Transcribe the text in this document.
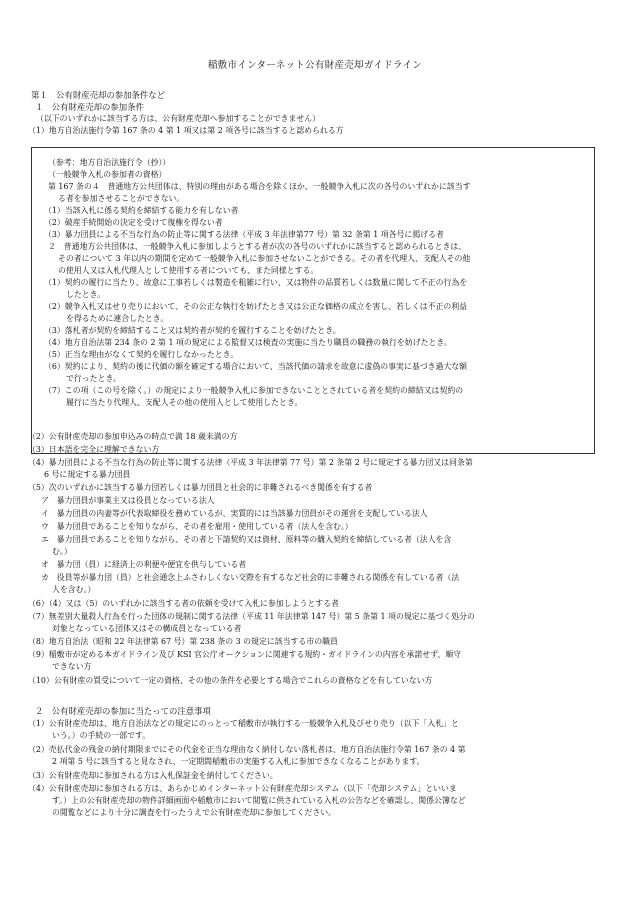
稲敷市インターネット公有財産売却ガイドライン
第１　公有財産売却の参加条件など
１　公有財産売却の参加条件
（以下のいずれかに該当する方は、公有財産売却へ参加することができません）
（1）地方自治法施行令第 167 条の 4 第 1 項又は第 2 項各号に該当すると認められる方
（参考：地方自治法施行令（抄））
（一般競争入札の参加者の資格）
第 167 条の４　普通地方公共団体は、特別の理由がある場合を除くほか、一般競争入札に次の各号のいずれかに該当す
る者を参加させることができない。
（1）当該入札に係る契約を締結する能力を有しない者
（2）破産手続開始の決定を受けて復権を得ない者
（3）暴力団員による不当な行為の防止等に関する法律（平成 3 年法律第77 号）第 32 条第 1 項各号に掲げる者
２　普通地方公共団体は、一般競争入札に参加しようとする者が次の各号のいずれかに該当すると認められるときは、
その者について 3 年以内の期間を定めて一般競争入札に参加させないことができる。その者を代理人、支配人その他
の使用人又は入札代理人として使用する者についても、また同様とする。
（1）契約の履行に当たり、故意に工事若しくは製造を粗雑に行い、又は物件の品質若しくは数量に関して不正の行為を
したとき。
（2）競争入札又はせり売りにおいて、その公正な執行を妨げたとき又は公正な価格の成立を害し、若しくは不正の利益
を得るために連合したとき。
（3）落札者が契約を締結すること又は契約者が契約を履行することを妨げたとき。
（4）地方自治法第 234 条の 2 第 1 項の規定による監督又は検査の実施に当たり職員の職務の執行を妨げたとき。
（5）正当な理由がなくて契約を履行しなかったとき。
（6）契約により、契約の後に代価の額を確定する場合において、当該代価の請求を故意に虚偽の事実に基づき過大な額
で行ったとき。
（7）この項（この号を除く。）の規定により一般競争入札に参加できないこととされている者を契約の締結又は契約の
履行に当たり代理人、支配人その他の使用人として使用したとき。
（2）公有財産売却の参加申込みの時点で満 18 歳未満の方
（3）日本語を完全に理解できない方
（4）暴力団員による不当な行為の防止等に関する法律（平成 3 年法律第 77 号）第 2 条第 2 号に規定する暴力団又は同条第
6 号に規定する暴力団員
（5）次のいずれかに該当する暴力団若しくは暴力団員と社会的に非難されるべき関係を有する者
ア　暴力団員が事業主又は役員となっている法人
イ　暴力団員の内妻等が代表取締役を務めているが、実質的には当該暴力団員がその運営を支配している法人
ウ　暴力団員であることを知りながら、その者を雇用・使用している者（法人を含む。）
エ　暴力団員であることを知りながら、その者と下請契約又は資材、原料等の購入契約を締結している者（法人を含
む。）
オ　暴力団（員）に経済上の利便や便宜を供与している者
カ　役員等が暴力団（員）と社会通念上ふさわしくない交際を有するなど社会的に非難される関係を有している者（法
人を含む。）
（6）（4）又は（5）のいずれかに該当する者の依頼を受けて入札に参加しようとする者
（7）無差別大量殺人行為を行った団体の規制に関する法律（平成 11 年法律第 147 号）第 5 条第 1 項の規定に基づく処分の
対象となっている団体又はその構成員となっている者
（8）地方自治法（昭和 22 年法律第 67 号）第 238 条の 3 の規定に該当する市の職員
（9）稲敷市が定める本ガイドライン及び KSI 官公庁オークションに関連する規約・ガイドラインの内容を承諾せず、順守
できない方
（10）公有財産の買受について一定の資格、その他の条件を必要とする場合でこれらの資格などを有していない方
２　公有財産売却の参加に当たっての注意事項
（1）公有財産売却は、地方自治法などの規定にのっとって稲敷市が執行する一般競争入札及びせり売り（以下「入札」と
いう。）の手続の一部です。
（2）売払代金の残金の納付期限までにその代金を正当な理由なく納付しない落札者は、地方自治法施行令第 167 条の 4 第
2 項第 5 号に該当すると見なされ、一定期間稲敷市の実施する入札に参加できなくなることがあります。
（3）公有財産売却に参加される方は入札保証金を納付してください。
（4）公有財産売却に参加される方は、あらかじめインターネット公有財産売却システム（以下「売却システム」といいま
す。）上の公有財産売却の物件詳細画面や稲敷市において閲覧に供されている入札の公告などを確認し、関係公簿など
の閲覧などにより十分に調査を行ったうえで公有財産売却に参加してください。
